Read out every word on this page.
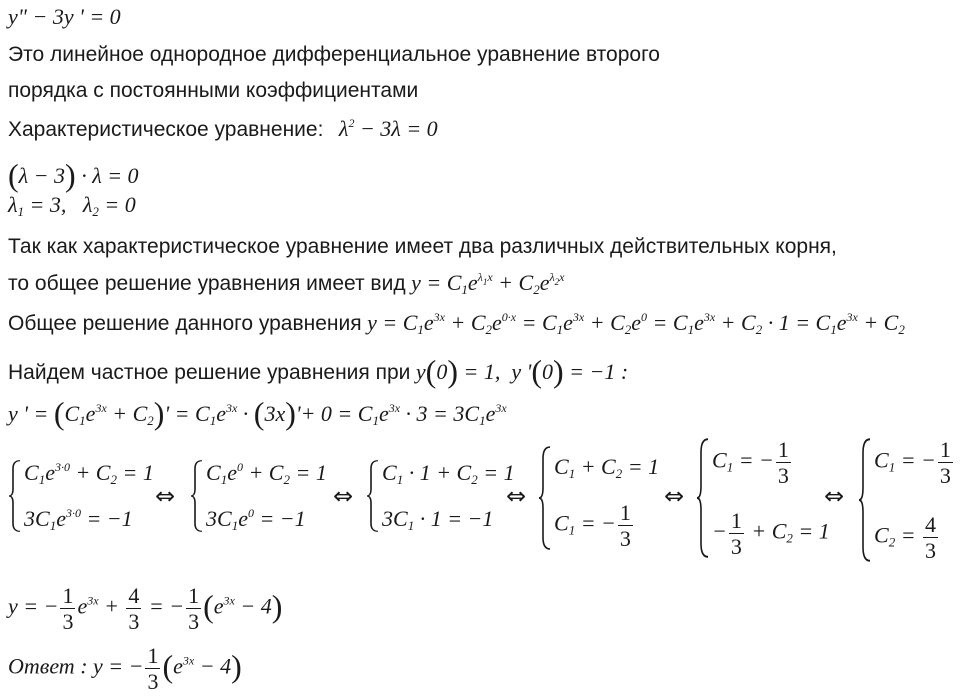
y" − 3y ' = 0
Это линейное однородное дифференциальное уравнение второго
порядка с постоянными коэффициентами
Характеристическое уравнение: $\lambda^2 - 3\lambda = 0$
(λ − 3) · λ = 0
$\lambda_1 = 3$,   $\lambda_2 = 0$
Так как характеристическое уравнение имеет два различных действительных корня,
то общее решение уравнения имеет вид $y = C_1e^{\lambda_1x} + C_2e^{\lambda_2x}$
Общее решение данного уравнения $y = C_1e^{3x} + C_2e^{0\cdot x} = C_1e^{3x} + C_2e^0 = C_1e^{3x} + C_2 \cdot 1 = C_1e^{3x} + C_2$
Найдем частное решение уравнения при y(0) = 1,  y '(0) = −1 :
y ' = $(C_1e^{3x} + C_2)' = C_1e^{3x} \cdot (3x)'+ 0 = C_1e^{3x} \cdot 3 = 3C_1e^{3x}$
$C_1e^{3\cdot 0} + C_2 = 1$
$3C_1e^{3\cdot 0} = -1$
⇔
$C_1e^0 + C_2 = 1$
$3C_1e^0 = -1$
⇔
$C_1 \cdot 1 + C_2 = 1$
$3C_1 \cdot 1 = -1$
⇔
$C_1 + C_2 = 1$
$C_1$ = − $\frac{1}{3}$
⇔
$C_1$ = − $\frac{1}{3}$
− $\frac{1}{3} + C_2 = 1$
⇔
$C_1$ = − $\frac{1}{3}$
$C_2 = \frac{4}{3}$
y = − $\frac{1}{3} e^{3x} + \frac{4}{3}$ = − $\frac{1}{3} (e^{3x} - 4)$
Ответ : y = − $\frac{1}{3} (e^{3x} - 4)$
